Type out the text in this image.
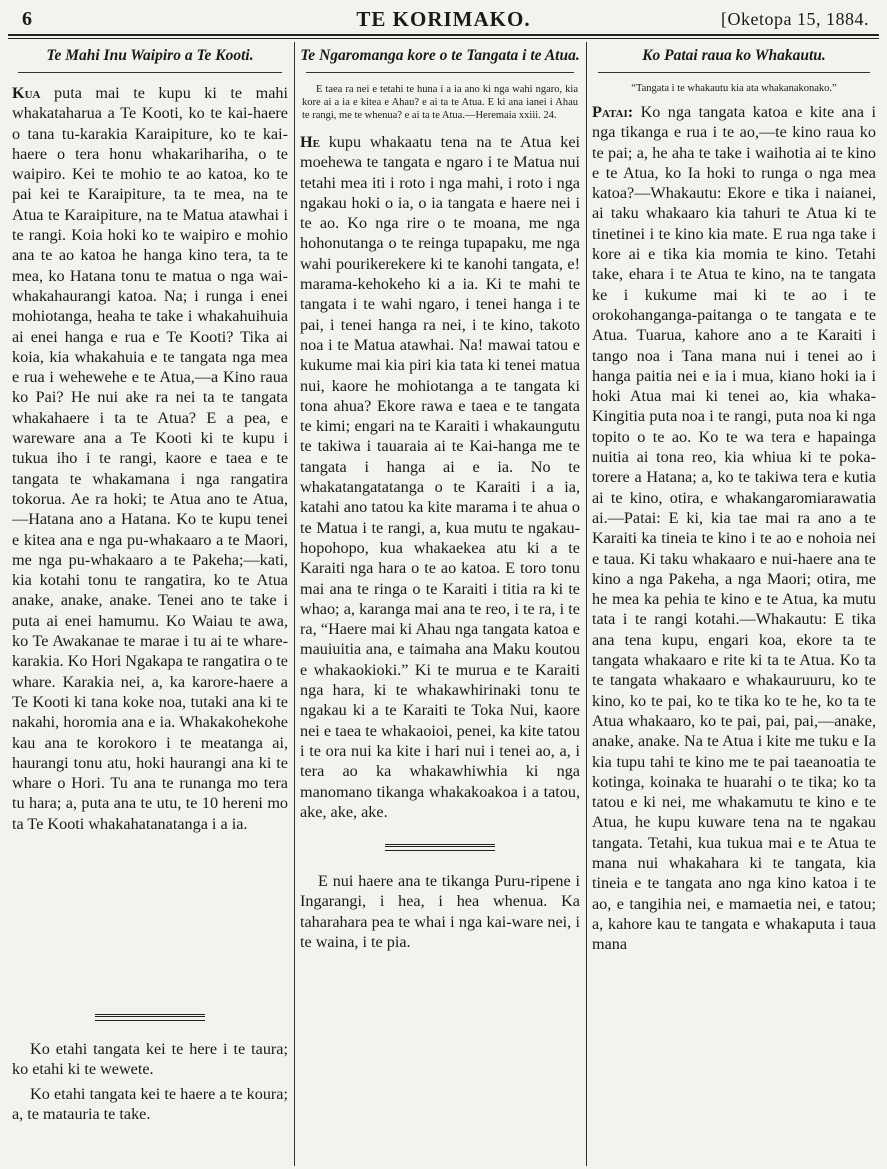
6	TE KORIMAKO.	[Oketopa 15, 1884.
Te Mahi Inu Waipiro a Te Kooti.

Kua puta mai te kupu ki te mahi whakataharua a Te Kooti, ko te kai-haere o tana tu-karakia Karaipiture, ko te kai-haere o tera honu whakarihariha, o te waipiro. Kei te mohio te ao katoa, ko te pai kei te Karaipiture, ta te mea, na te Atua te Karaipiture, na te Matua atawhai i te rangi. Koia hoki ko te waipiro e mohio ana te ao katoa he hanga kino tera, ta te mea, ko Hatana tonu te matua o nga wai-whakahaurangi katoa. Na; i runga i enei mohiotanga, heaha te take i whakahuihuia ai enei hanga e rua e Te Kooti? Tika ai koia, kia whakahuia e te tangata nga mea e rua i wehewehe e te Atua,—a Kino raua ko Pai? He nui ake ra nei ta te tangata whakahaere i ta te Atua? E a pea, e wareware ana a Te Kooti ki te kupu i tukua iho i te rangi, kaore e taea e te tangata te whakamana i nga rangatira tokorua. Ae ra hoki; te Atua ano te Atua,—Hatana ano a Hatana. Ko te kupu tenei e kitea ana e nga pu-whakaaro a te Maori, me nga pu-whakaaro a te Pakeha;—kati, kia kotahi tonu te rangatira, ko te Atua anake, anake, anake. Tenei ano te take i puta ai enei hamumu. Ko Waiau te awa, ko Te Awakanae te marae i tu ai te whare-karakia. Ko Hori Ngakapa te rangatira o te whare. Karakia nei, a, ka karore-haere a Te Kooti ki tana koke noa, tutaki ana ki te nakahi, horomia ana e ia. Whakakohekohe kau ana te korokoro i te meatanga ai, haurangi tonu atu, hoki haurangi ana ki te whare o Hori. Tu ana te runanga mo tera tu hara; a, puta ana te utu, te 10 hereni mo ta Te Kooti whakahatanatanga i a ia.

Ko etahi tangata kei te here i te taura; ko etahi ki te wewete.

Ko etahi tangata kei te haere a te koura; a, te matauria te take.

Te Ngaromanga kore o te Tangata i te Atua.

E taea ra nei e tetahi te huna i a ia ano ki nga wahi ngaro, kia kore ai a ia e kitea e Ahau? e ai ta te Atua. E ki ana ianei i Ahau te rangi, me te whenua? e ai ta te Atua.—Heremaia xxiii. 24.

He kupu whakaatu tena na te Atua kei moehewa te tangata e ngaro i te Matua nui tetahi mea iti i roto i nga mahi, i roto i nga ngakau hoki o ia, o ia tangata e haere nei i te ao. Ko nga rire o te moana, me nga hohonutanga o te reinga tupapaku, me nga wahi pourikerekere ki te kanohi tangata, e! marama-kehokeho ki a ia. Ki te mahi te tangata i te wahi ngaro, i tenei hanga i te pai, i tenei hanga ra nei, i te kino, takoto noa i te Matua atawhai. Na! mawai tatou e kukume mai kia piri kia tata ki tenei matua nui, kaore he mohiotanga a te tangata ki tona ahua? Ekore rawa e taea e te tangata te kimi; engari na te Karaiti i whakaungutu te takiwa i tauaraia ai te Kai-hanga me te tangata i hanga ai e ia. No te whakatangatatanga o te Karaiti i a ia, katahi ano tatou ka kite marama i te ahua o te Matua i te rangi, a, kua mutu te ngakau-hopohopo, kua whakaekea atu ki a te Karaiti nga hara o te ao katoa. E toro tonu mai ana te ringa o te Karaiti i titia ra ki te whao; a, karanga mai ana te reo, i te ra, i te ra, “Haere mai ki Ahau nga tangata katoa e mauiuitia ana, e taimaha ana Maku koutou e whakaokioki.” Ki te murua e te Karaiti nga hara, ki te whakawhirinaki tonu te ngakau ki a te Karaiti te Toka Nui, kaore nei e taea te whakaoioi, penei, ka kite tatou i te ora nui ka kite i hari nui i tenei ao, a, i tera ao ka whakawhiwhia ki nga manomano tikanga whakakoakoa i a tatou, ake, ake, ake.

E nui haere ana te tikanga Puru-ripene i Ingarangi, i hea, i hea whenua. Ka taharahara pea te whai i nga kai-ware nei, i te waina, i te pia.

Ko Patai raua ko Whakautu.

“Tangata i te whakautu kia ata whakanakonako.”

Patai: Ko nga tangata katoa e kite ana i nga tikanga e rua i te ao,—te kino raua ko te pai; a, he aha te take i waihotia ai te kino e te Atua, ko Ia hoki to runga o nga mea katoa?—Whakautu: Ekore e tika i naianei, ai taku whakaaro kia tahuri te Atua ki te tinetinei i te kino kia mate. E rua nga take i kore ai e tika kia momia te kino. Tetahi take, ehara i te Atua te kino, na te tangata ke i kukume mai ki te ao i te orokohanganga-paitanga o te tangata e te Atua. Tuarua, kahore ano a te Karaiti i tango noa i Tana mana nui i tenei ao i hanga paitia nei e ia i mua, kiano hoki ia i hoki Atua mai ki tenei ao, kia whaka-Kingitia puta noa i te rangi, puta noa ki nga topito o te ao. Ko te wa tera e hapainga nuitia ai tona reo, kia whiua ki te poka-torere a Hatana; a, ko te takiwa tera e kutia ai te kino, otira, e whakangaromiarawatia ai.—Patai: E ki, kia tae mai ra ano a te Karaiti ka tineia te kino i te ao e nohoia nei e taua. Ki taku whakaaro e nui-haere ana te kino a nga Pakeha, a nga Maori; otira, me he mea ka pehia te kino e te Atua, ka mutu tata i te rangi kotahi.—Whakautu: E tika ana tena kupu, engari koa, ekore ta te tangata whakaaro e rite ki ta te Atua. Ko ta te tangata whakaaro e whakauruuru, ko te kino, ko te pai, ko te tika ko te he, ko ta te Atua whakaaro, ko te pai, pai, pai,—anake, anake, anake. Na te Atua i kite me tuku e Ia kia tupu tahi te kino me te pai taeanoatia te kotinga, koinaka te huarahi o te tika; ko ta tatou e ki nei, me whakamutu te kino e te Atua, he kupu kuware tena na te ngakau tangata. Tetahi, kua tukua mai e te Atua te mana nui whakahara ki te tangata, kia tineia e te tangata ano nga kino katoa i te ao, e tangihia nei, e mamaetia nei, e tatou; a, kahore kau te tangata e whakaputa i taua mana
